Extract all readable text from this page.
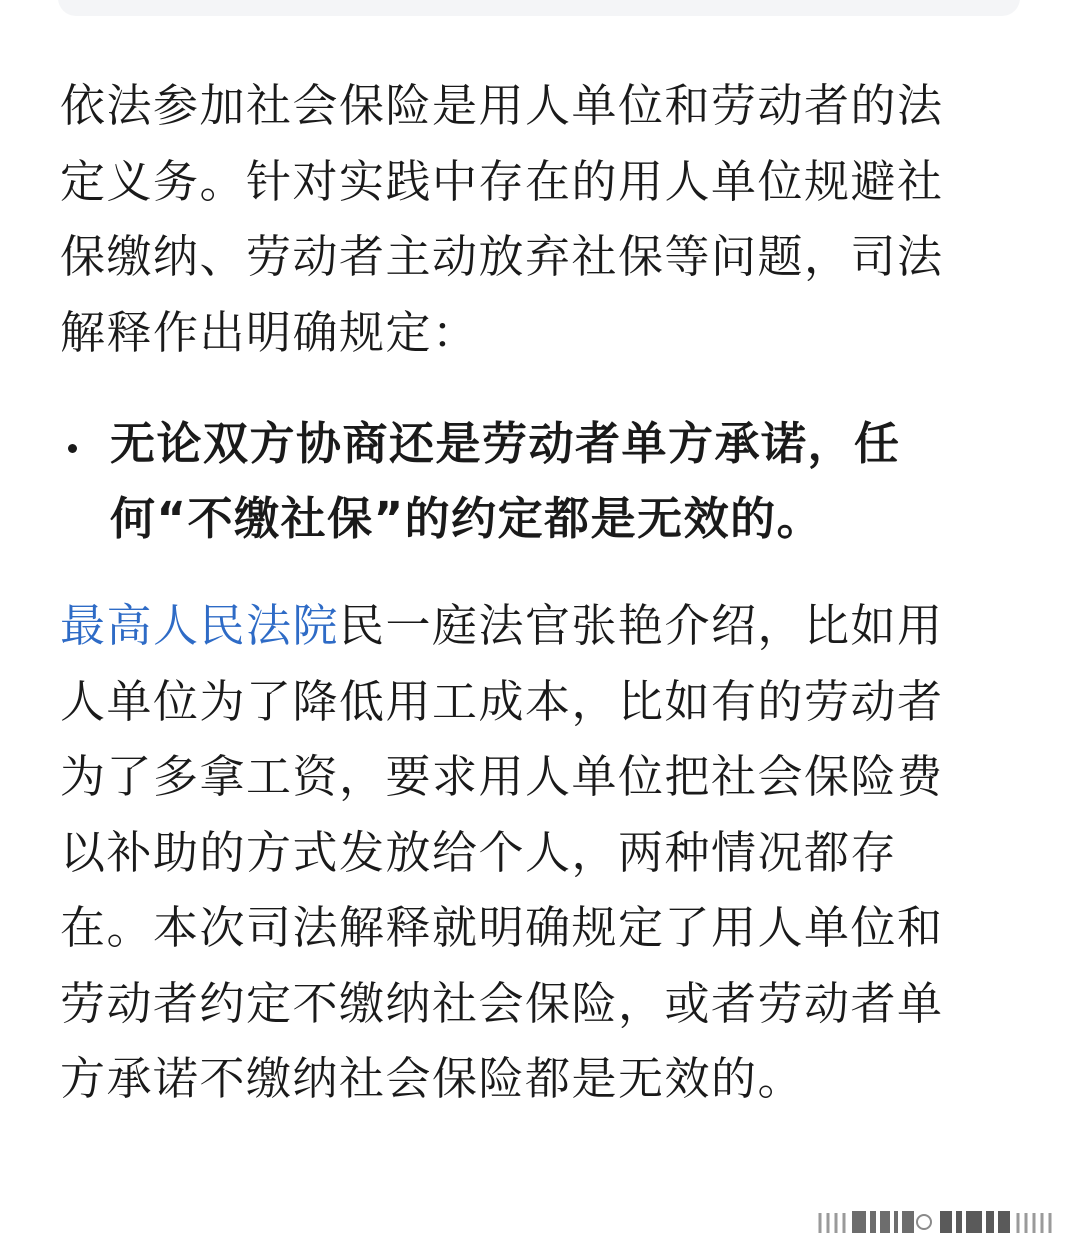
依法参加社会保险是用人单位和劳动者的法定义务。针对实践中存在的用人单位规避社保缴纳、劳动者主动放弃社保等问题，司法解释作出明确规定：

无论双方协商还是劳动者单方承诺，任何“不缴社保”的约定都是无效的。

最高人民法院民一庭法官张艳介绍，比如用人单位为了降低用工成本，比如有的劳动者为了多拿工资，要求用人单位把社会保险费以补助的方式发放给个人，两种情况都存在。本次司法解释就明确规定了用人单位和劳动者约定不缴纳社会保险，或者劳动者单方承诺不缴纳社会保险都是无效的。
